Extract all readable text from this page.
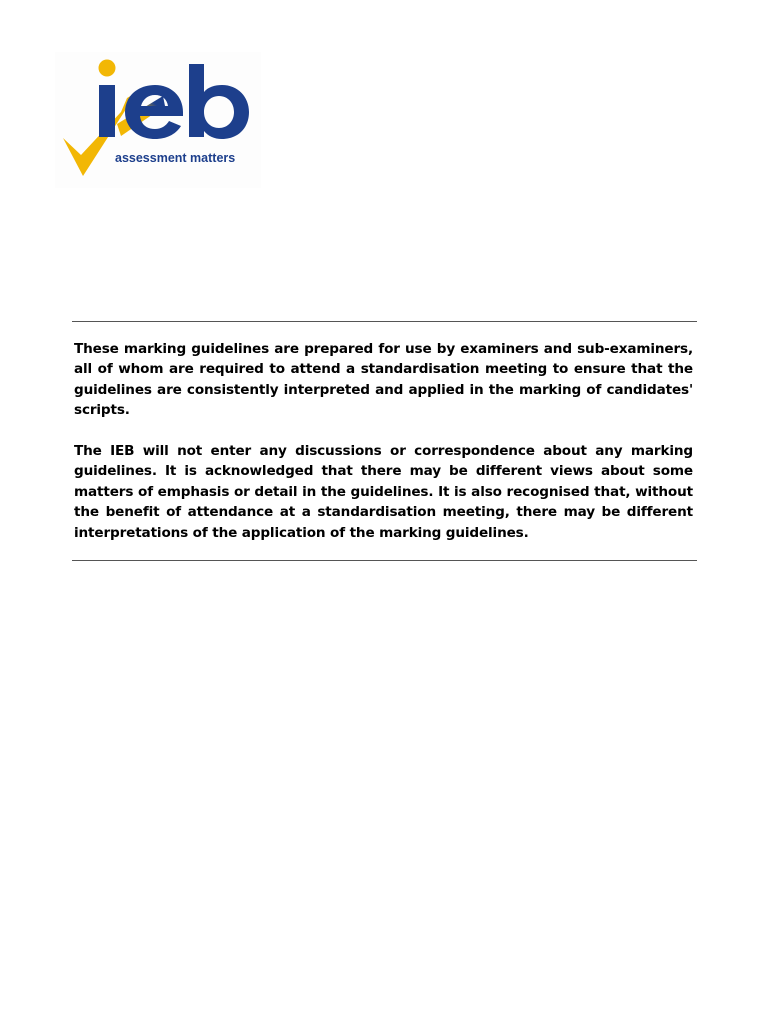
assessment matters

These marking guidelines are prepared for use by examiners and sub-examiners, all of whom are required to attend a standardisation meeting to ensure that the guidelines are consistently interpreted and applied in the marking of candidates' scripts.

The IEB will not enter any discussions or correspondence about any marking guidelines. It is acknowledged that there may be different views about some matters of emphasis or detail in the guidelines. It is also recognised that, without the benefit of attendance at a standardisation meeting, there may be different interpretations of the application of the marking guidelines.
